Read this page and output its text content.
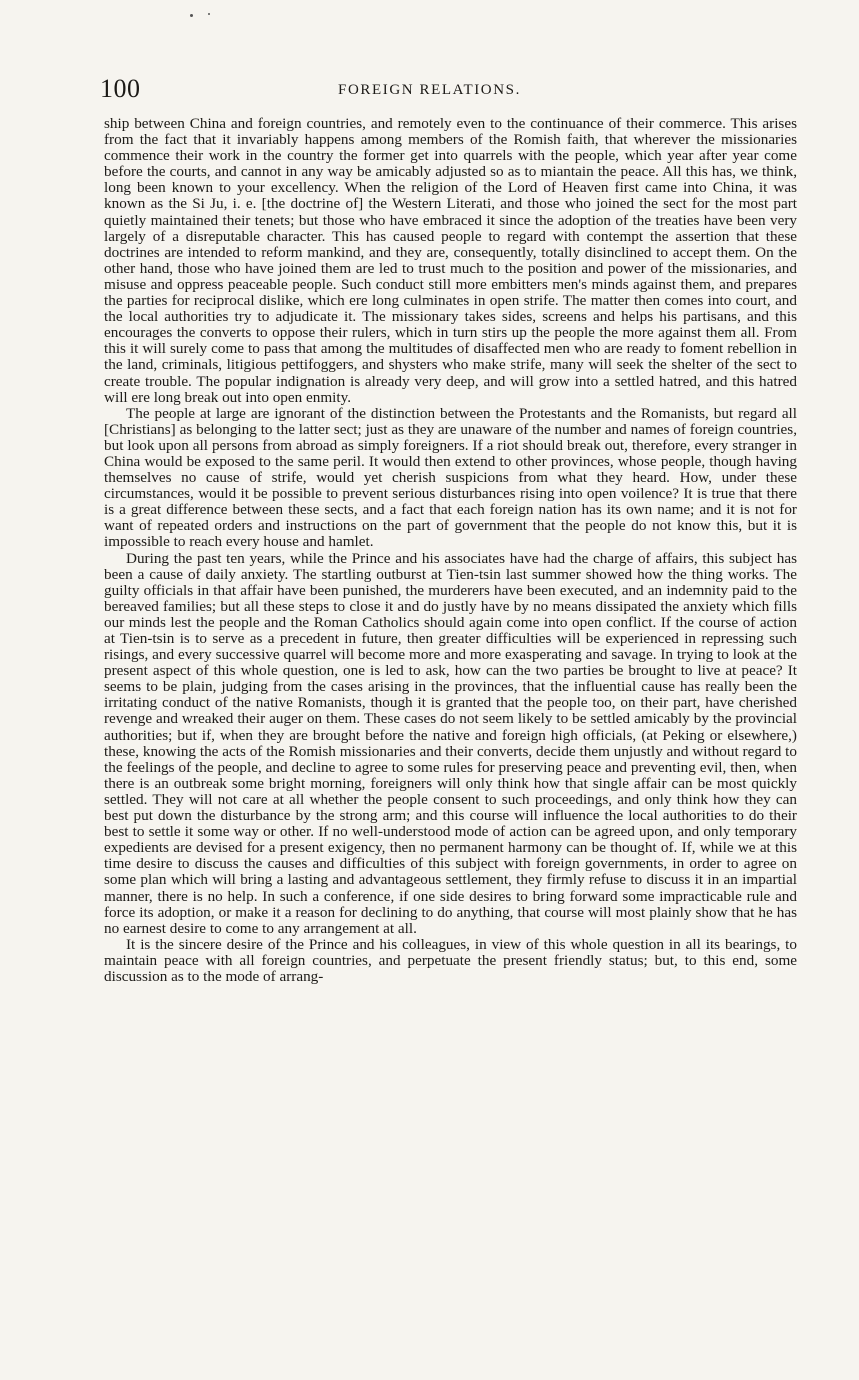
100	FOREIGN RELATIONS.

ship between China and foreign countries, and remotely even to the continuance of their commerce. This arises from the fact that it invariably happens among members of the Romish faith, that wherever the missionaries commence their work in the country the former get into quarrels with the people, which year after year come before the courts, and cannot in any way be amicably adjusted so as to miantain the peace. All this has, we think, long been known to your excellency. When the religion of the Lord of Heaven first came into China, it was known as the Si Ju, i. e. [the doctrine of] the Western Literati, and those who joined the sect for the most part quietly maintained their tenets; but those who have embraced it since the adoption of the treaties have been very largely of a disreputable character. This has caused people to regard with contempt the assertion that these doctrines are intended to reform mankind, and they are, consequently, totally disinclined to accept them. On the other hand, those who have joined them are led to trust much to the position and power of the missionaries, and misuse and oppress peaceable people. Such conduct still more embitters men's minds against them, and prepares the parties for reciprocal dislike, which ere long culminates in open strife. The matter then comes into court, and the local authorities try to adjudicate it. The missionary takes sides, screens and helps his partisans, and this encourages the converts to oppose their rulers, which in turn stirs up the people the more against them all. From this it will surely come to pass that among the multitudes of disaffected men who are ready to foment rebellion in the land, criminals, litigious pettifoggers, and shysters who make strife, many will seek the shelter of the sect to create trouble. The popular indignation is already very deep, and will grow into a settled hatred, and this hatred will ere long break out into open enmity.

The people at large are ignorant of the distinction between the Protestants and the Romanists, but regard all [Christians] as belonging to the latter sect; just as they are unaware of the number and names of foreign countries, but look upon all persons from abroad as simply foreigners. If a riot should break out, therefore, every stranger in China would be exposed to the same peril. It would then extend to other provinces, whose people, though having themselves no cause of strife, would yet cherish suspicions from what they heard. How, under these circumstances, would it be possible to prevent serious disturbances rising into open voilence? It is true that there is a great difference between these sects, and a fact that each foreign nation has its own name; and it is not for want of repeated orders and instructions on the part of government that the people do not know this, but it is impossible to reach every house and hamlet.

During the past ten years, while the Prince and his associates have had the charge of affairs, this subject has been a cause of daily anxiety. The startling outburst at Tien-tsin last summer showed how the thing works. The guilty officials in that affair have been punished, the murderers have been executed, and an indemnity paid to the bereaved families; but all these steps to close it and do justly have by no means dissipated the anxiety which fills our minds lest the people and the Roman Catholics should again come into open conflict. If the course of action at Tien-tsin is to serve as a precedent in future, then greater difficulties will be experienced in repressing such risings, and every successive quarrel will become more and more exasperating and savage. In trying to look at the present aspect of this whole question, one is led to ask, how can the two parties be brought to live at peace? It seems to be plain, judging from the cases arising in the provinces, that the influential cause has really been the irritating conduct of the native Romanists, though it is granted that the people too, on their part, have cherished revenge and wreaked their auger on them. These cases do not seem likely to be settled amicably by the provincial authorities; but if, when they are brought before the native and foreign high officials, (at Peking or elsewhere,) these, knowing the acts of the Romish missionaries and their converts, decide them unjustly and without regard to the feelings of the people, and decline to agree to some rules for preserving peace and preventing evil, then, when there is an outbreak some bright morning, foreigners will only think how that single affair can be most quickly settled. They will not care at all whether the people consent to such proceedings, and only think how they can best put down the disturbance by the strong arm; and this course will influence the local authorities to do their best to settle it some way or other. If no well-understood mode of action can be agreed upon, and only temporary expedients are devised for a present exigency, then no permanent harmony can be thought of. If, while we at this time desire to discuss the causes and difficulties of this subject with foreign governments, in order to agree on some plan which will bring a lasting and advantageous settlement, they firmly refuse to discuss it in an impartial manner, there is no help. In such a conference, if one side desires to bring forward some impracticable rule and force its adoption, or make it a reason for declining to do anything, that course will most plainly show that he has no earnest desire to come to any arrangement at all.

It is the sincere desire of the Prince and his colleagues, in view of this whole question in all its bearings, to maintain peace with all foreign countries, and perpetuate the present friendly status; but, to this end, some discussion as to the mode of arrang-
